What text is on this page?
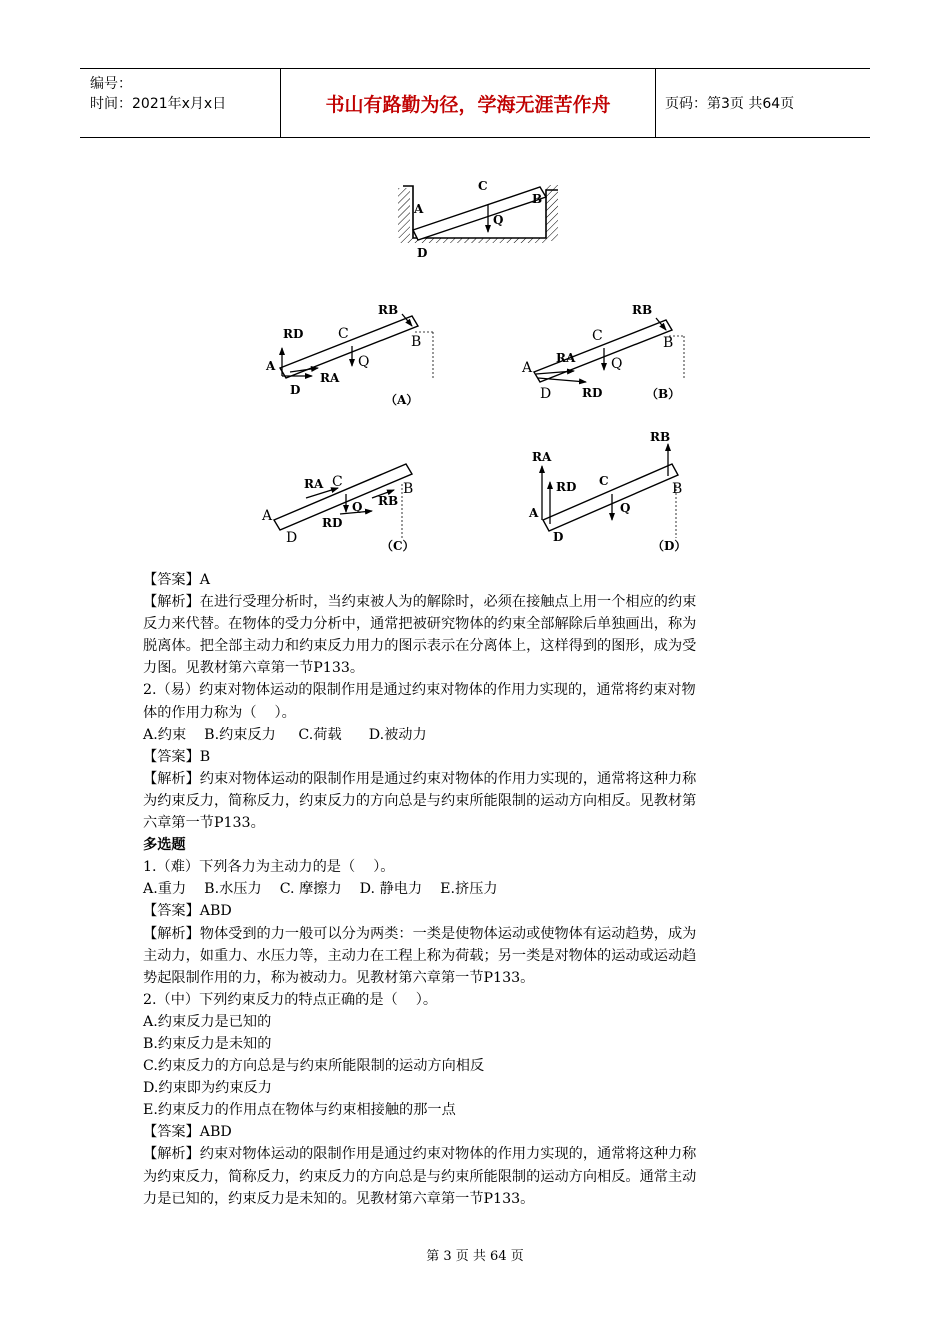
编号：
时间：2021年x月x日	书山有路勤为径，学海无涯苦作舟	页码：第3页 共64页
C
A
B
Q
D
RB
RD C	B
A	Q
RA
D
（A）
RB
C	B
RA
A	Q
D	RD	（B）
RA C	B
RB
A
Q
RD
D	（C）
RB
RA
RD C	B
A	Q
D
（D）

【答案】A

【解析】在进行受理分析时，当约束被人为的解除时，必须在接触点上用一个相应的约束

反力来代替。在物体的受力分析中，通常把被研究物体的约束全部解除后单独画出，称为

脱离体。把全部主动力和约束反力用力的图示表示在分离体上，这样得到的图形，成为受

力图。见教材第六章第一节P133。

2.（易）约束对物体运动的限制作用是通过约束对物体的作用力实现的，通常将约束对物

体的作用力称为（    ）。

A.约束    B.约束反力     C.荷载      D.被动力

【答案】B

【解析】约束对物体运动的限制作用是通过约束对物体的作用力实现的，通常将这种力称

为约束反力，简称反力，约束反力的方向总是与约束所能限制的运动方向相反。见教材第

六章第一节P133。

多选题

1.（难）下列各力为主动力的是（    ）。

A.重力    B.水压力    C. 摩擦力    D. 静电力    E.挤压力

【答案】ABD

【解析】物体受到的力一般可以分为两类：一类是使物体运动或使物体有运动趋势，成为

主动力，如重力、水压力等，主动力在工程上称为荷载；另一类是对物体的运动或运动趋

势起限制作用的力，称为被动力。见教材第六章第一节P133。

2.（中）下列约束反力的特点正确的是（    ）。

A.约束反力是已知的

B.约束反力是未知的

C.约束反力的方向总是与约束所能限制的运动方向相反

D.约束即为约束反力

E.约束反力的作用点在物体与约束相接触的那一点

【答案】ABD

【解析】约束对物体运动的限制作用是通过约束对物体的作用力实现的，通常将这种力称

为约束反力，简称反力，约束反力的方向总是与约束所能限制的运动方向相反。通常主动

力是已知的，约束反力是未知的。见教材第六章第一节P133。

第 3 页 共 64 页
